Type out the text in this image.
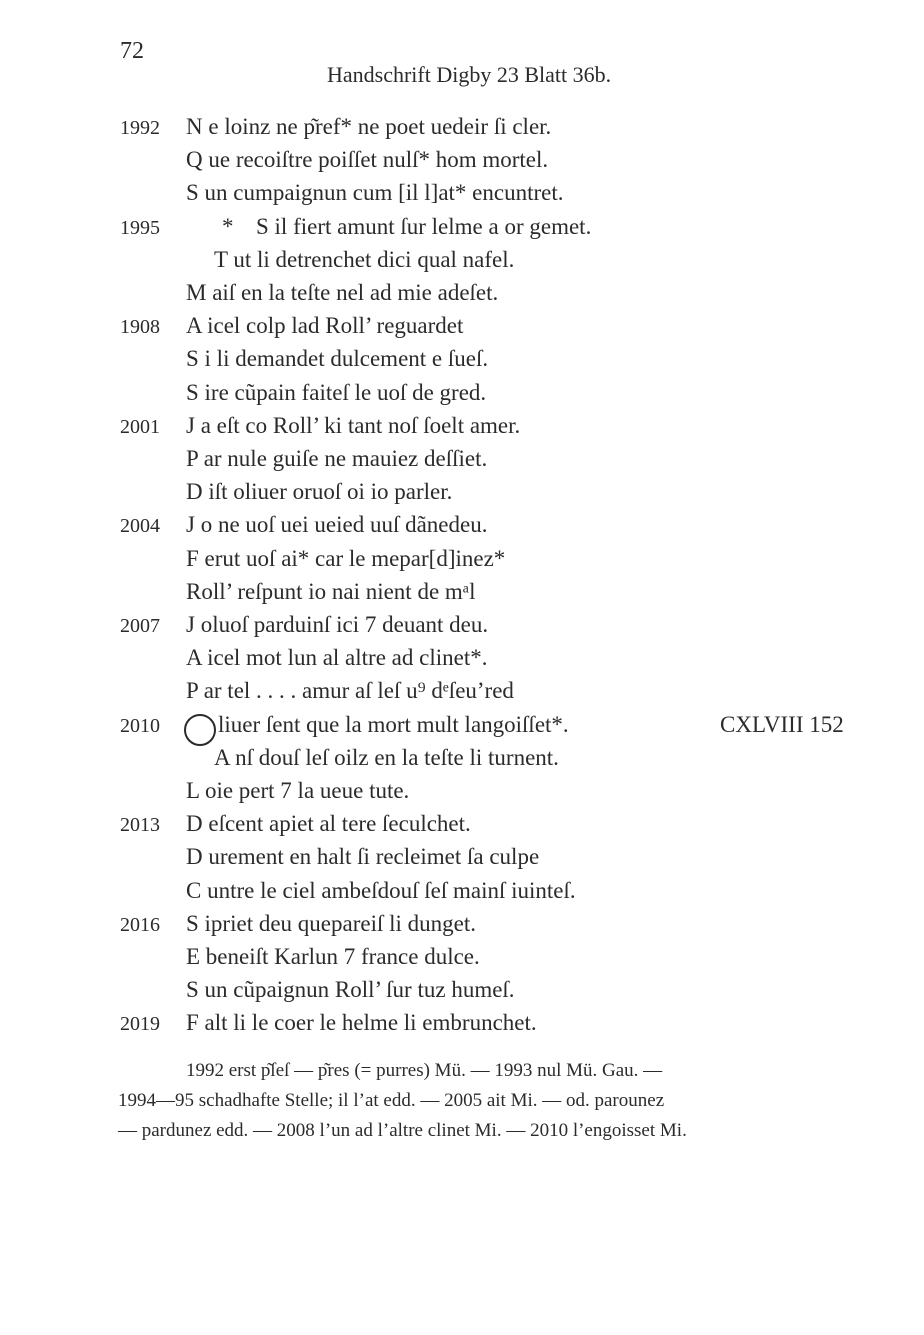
72
Handschrift Digby 23 Blatt 36b.
1992 N e loinz ne p͂ref* ne poet uedeir ſi cler.
Q ue recoiſtre poiſſet nulſ* hom mortel.
S un cumpaignun cum [il l]at* encuntret.
1995	* S il fiert amunt ſur lelme a or gemet.
T ut li detrenchet dici qual nafel.
M aiſ en la teſte nel ad mie adeſet.
1908 A icel colp lad Roll’ reguardet
S i li demandet dulcement e ſueſ.
S ire cũpain faiteſ le uoſ de gred.
2001 J a eſt co Roll’ ki tant noſ ſoelt amer.
P ar nule guiſe ne mauiez deſſiet.
D iſt oliuer oruoſ oi io parler.
2004 J o ne uoſ uei ueied uuſ dãnedeu.
F erut uoſ ai* car le mepar[d]inez*
Roll’ reſpunt io nai nient de mᵃl
2007 J oluoſ parduinſ ici 7 deuant deu.
A icel mot lun al altre ad clinet*.
P ar tel . . . . amur aſ leſ u⁹ dᵉſeu’red
2010	liuer ſent que la mort mult langoiſſet*.	CXLVIII 152
A nſ douſ leſ oilz en la teſte li turnent.
L oie pert 7 la ueue tute.
2013 D eſcent apiet al tere ſeculchet.
D urement en halt ſi recleimet ſa culpe
C untre le ciel ambeſdouſ ſeſ mainſ iuinteſ.
2016 S ipriet deu quepareiſ li dunget.
E beneiſt Karlun 7 france dulce.
S un cũpaignun Roll’ ſur tuz humeſ.
2019 F alt li le coer le helme li embrunchet.
1992 erst p͂ſeſ — p͂res (= purres) Mü. — 1993 nul Mü. Gau. —
1994—95 schadhafte Stelle; il l’at edd. — 2005 ait Mi. — od. parounez
— pardunez edd. — 2008 l’un ad l’altre clinet Mi. — 2010 l’engoisset Mi.
